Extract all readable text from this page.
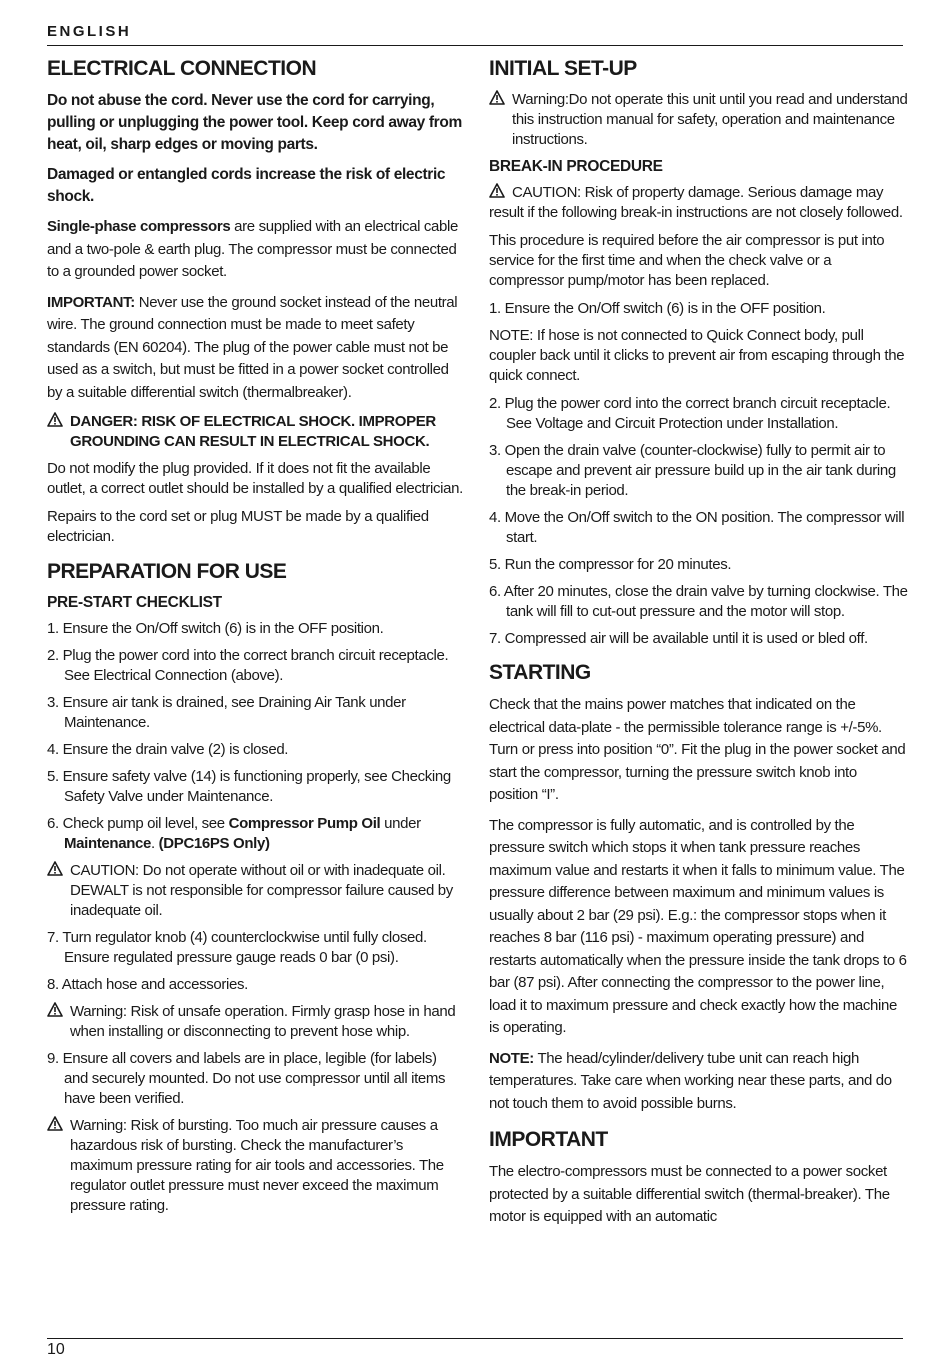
ENGLISH
ELECTRICAL CONNECTION

Do not abuse the cord. Never use the cord for carrying, pulling or unplugging the power tool. Keep cord away from heat, oil, sharp edges or moving parts.

Damaged or entangled cords increase the risk of electric shock.

Single-phase compressors are supplied with an electrical cable and a two-pole & earth plug. The compressor must be connected to a grounded power socket.

IMPORTANT: Never use the ground socket instead of the neutral wire. The ground connection must be made to meet safety standards (EN 60204). The plug of the power cable must not be used as a switch, but must be fitted in a power socket controlled by a suitable differential switch (thermalbreaker).

DANGER: RISK OF ELECTRICAL SHOCK. IMPROPER GROUNDING CAN RESULT IN ELECTRICAL SHOCK.

Do not modify the plug provided. If it does not fit the available outlet, a correct outlet should be installed by a qualified electrician.

Repairs to the cord set or plug MUST be made by a qualified electrician.

PREPARATION FOR USE
PRE-START CHECKLIST

1. Ensure the On/Off switch (6) is in the OFF position.

2. Plug the power cord into the correct branch circuit receptacle. See Electrical Connection (above).

3. Ensure air tank is drained, see Draining Air Tank under Maintenance.

4. Ensure the drain valve (2) is closed.

5. Ensure safety valve (14) is functioning properly, see Checking Safety Valve under Maintenance.

6. Check pump oil level, see Compressor Pump Oil under Maintenance. (DPC16PS Only)

CAUTION: Do not operate without oil or with inadequate oil. DEWALT is not responsible for compressor failure caused by inadequate oil.

7. Turn regulator knob (4) counterclockwise until fully closed. Ensure regulated pressure gauge reads 0 bar (0 psi).

8. Attach hose and accessories.

Warning: Risk of unsafe operation. Firmly grasp hose in hand when installing or disconnecting to prevent hose whip.

9. Ensure all covers and labels are in place, legible (for labels) and securely mounted. Do not use compressor until all items have been verified.

Warning: Risk of bursting. Too much air pressure causes a hazardous risk of bursting. Check the manufacturer’s maximum pressure rating for air tools and accessories. The regulator outlet pressure must never exceed the maximum pressure rating.

INITIAL SET-UP

Warning:Do not operate this unit until you read and understand this instruction manual for safety, operation and maintenance instructions.

BREAK-IN PROCEDURE

CAUTION: Risk of property damage. Serious damage may result if the following break-in instructions are not closely followed.

This procedure is required before the air compressor is put into service for the first time and when the check valve or a compressor pump/motor has been replaced.

1. Ensure the On/Off switch (6) is in the OFF position.

NOTE: If hose is not connected to Quick Connect body, pull coupler back until it clicks to prevent air from escaping through the quick connect.

2. Plug the power cord into the correct branch circuit receptacle. See Voltage and Circuit Protection under Installation.

3. Open the drain valve (counter-clockwise) fully to permit air to escape and prevent air pressure build up in the air tank during the break-in period.

4. Move the On/Off switch to the ON position. The compressor will start.

5. Run the compressor for 20 minutes.

6. After 20 minutes, close the drain valve by turning clockwise. The tank will fill to cut-out pressure and the motor will stop.

7. Compressed air will be available until it is used or bled off.

STARTING

Check that the mains power matches that indicated on the electrical data-plate - the permissible tolerance range is +/-5%. Turn or press into position “0”. Fit the plug in the power socket and start the compressor, turning the pressure switch knob into position “I”.

The compressor is fully automatic, and is controlled by the pressure switch which stops it when tank pressure reaches maximum value and restarts it when it falls to minimum value. The pressure difference between maximum and minimum values is usually about 2 bar (29 psi). E.g.: the compressor stops when it reaches 8 bar (116 psi) - maximum operating pressure) and restarts automatically when the pressure inside the tank drops to 6 bar (87 psi). After connecting the compressor to the power line, load it to maximum pressure and check exactly how the machine is operating.

NOTE: The head/cylinder/delivery tube unit can reach high temperatures. Take care when working near these parts, and do not touch them to avoid possible burns.

IMPORTANT

The electro-compressors must be connected to a power socket protected by a suitable differential switch (thermal-breaker). The motor is equipped with an automatic

10
